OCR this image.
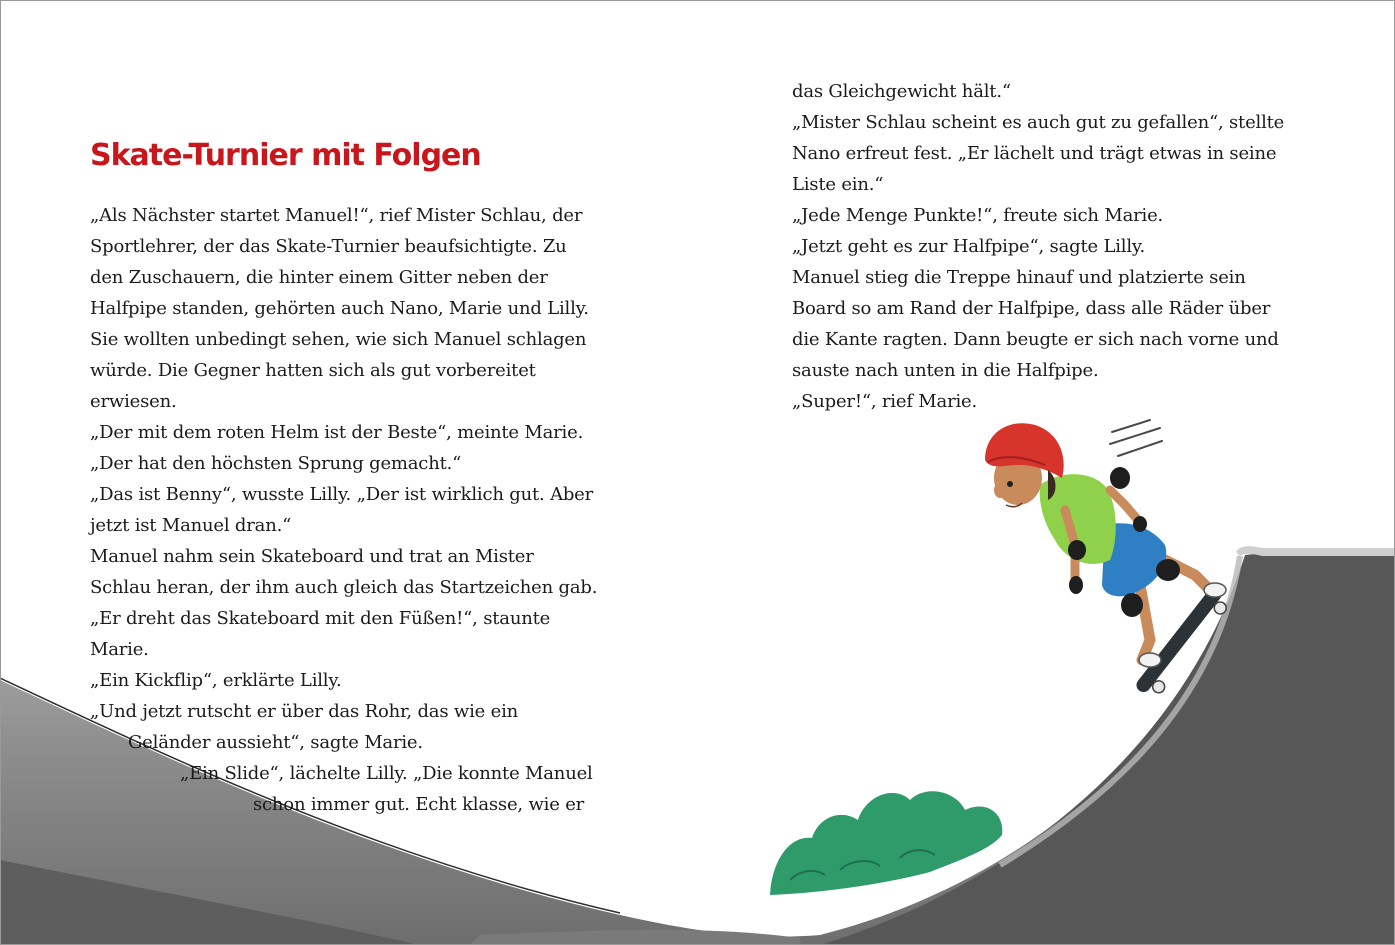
Skate-Turnier mit Folgen
„Als Nächster startet Manuel!“, rief Mister Schlau, der
Sportlehrer, der das Skate-Turnier beaufsichtigte. Zu
den Zuschauern, die hinter einem Gitter neben der
Halfpipe standen, gehörten auch Nano, Marie und Lilly.
Sie wollten unbedingt sehen, wie sich Manuel schlagen
würde. Die Gegner hatten sich als gut vorbereitet
erwiesen.
„Der mit dem roten Helm ist der Beste“, meinte Marie.
„Der hat den höchsten Sprung gemacht.“
„Das ist Benny“, wusste Lilly. „Der ist wirklich gut. Aber
jetzt ist Manuel dran.“
Manuel nahm sein Skateboard und trat an Mister
Schlau heran, der ihm auch gleich das Startzeichen gab.
„Er dreht das Skateboard mit den Füßen!“, staunte
Marie.
„Ein Kickflip“, erklärte Lilly.
„Und jetzt rutscht er über das Rohr, das wie ein
Geländer aussieht“, sagte Marie.
„Ein Slide“, lächelte Lilly. „Die konnte Manuel
schon immer gut. Echt klasse, wie er
das Gleichgewicht hält.“
„Mister Schlau scheint es auch gut zu gefallen“, stellte
Nano erfreut fest. „Er lächelt und trägt etwas in seine
Liste ein.“
„Jede Menge Punkte!“, freute sich Marie.
„Jetzt geht es zur Halfpipe“, sagte Lilly.
Manuel stieg die Treppe hinauf und platzierte sein
Board so am Rand der Halfpipe, dass alle Räder über
die Kante ragten. Dann beugte er sich nach vorne und
sauste nach unten in die Halfpipe.
„Super!“, rief Marie.
